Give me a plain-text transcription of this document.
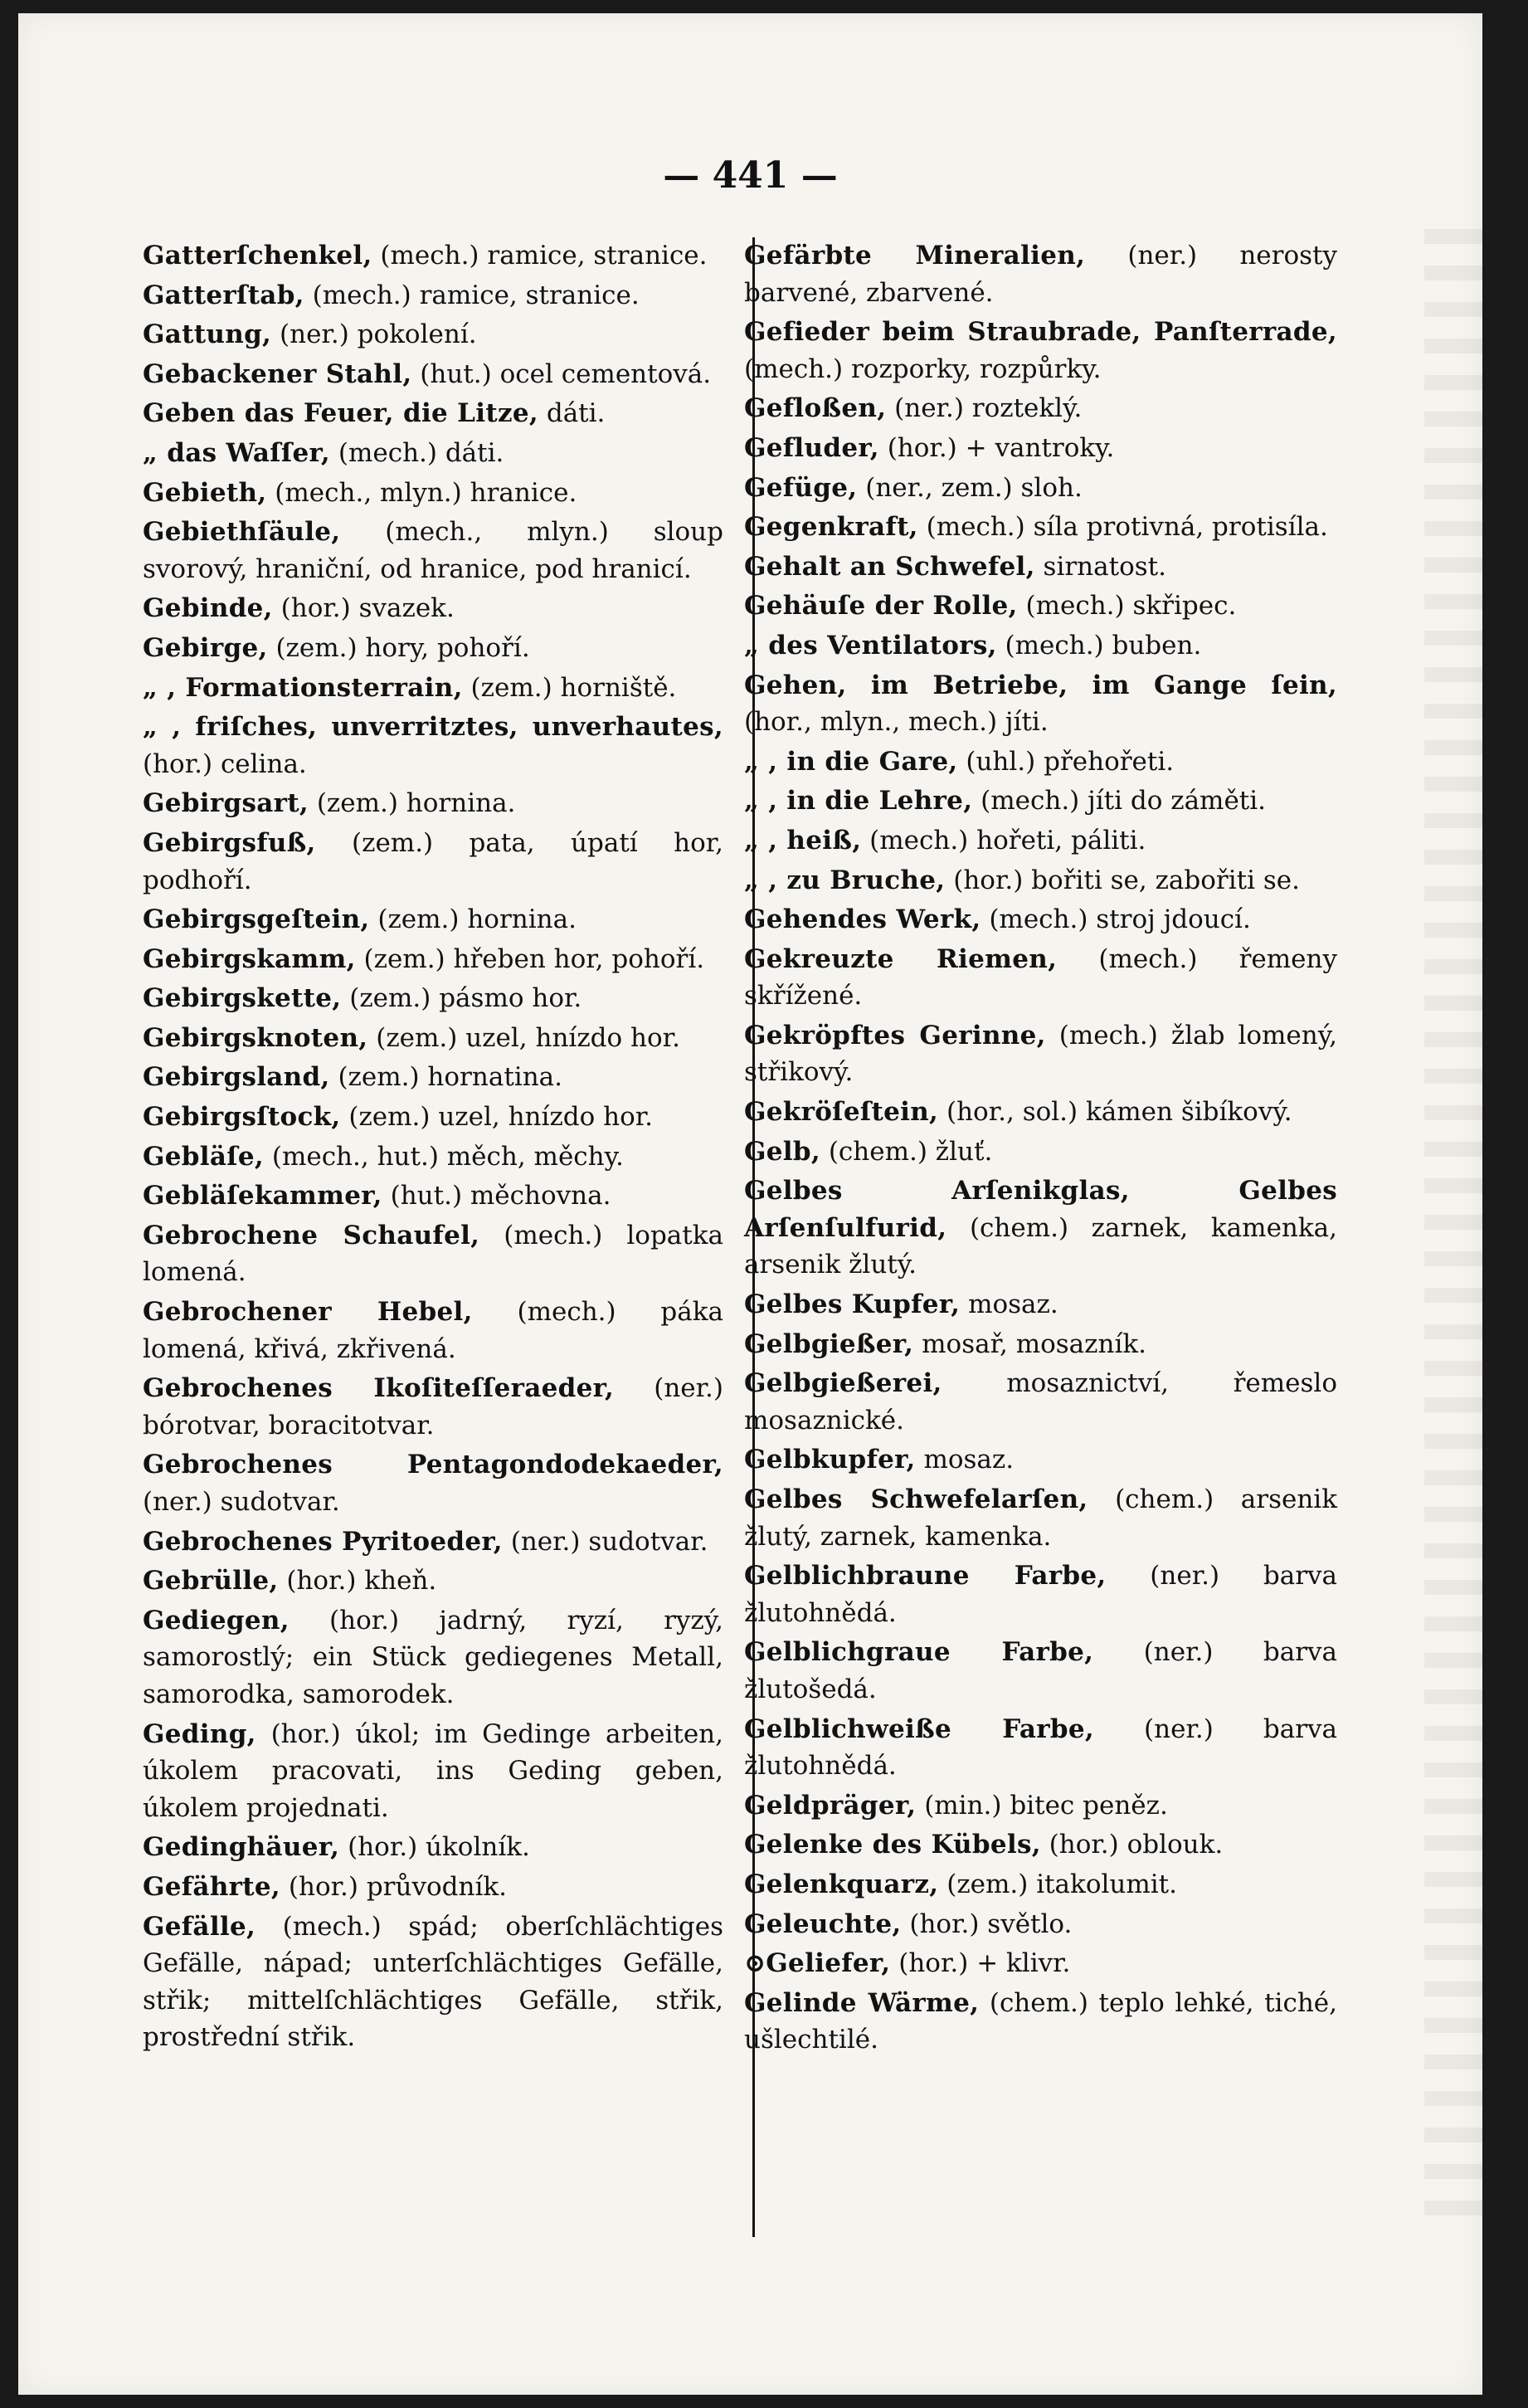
— 441 —

Gatterſchenkel, (mech.) ramice, stranice.

Gatterſtab, (mech.) ramice, stranice.

Gattung, (ner.) pokolení.

Gebackener Stahl, (hut.) ocel cementová.

Geben das Feuer, die Litze, dáti.

„ das Waſſer, (mech.) dáti.

Gebieth, (mech., mlyn.) hranice.

Gebiethſäule, (mech., mlyn.) sloup svorový, hraniční, od hranice, pod hranicí.

Gebinde, (hor.) svazek.

Gebirge, (zem.) hory, pohoří.

„ , Formationsterrain, (zem.) horniště.

„ , friſches, unverritztes, unverhautes, (hor.) celina.

Gebirgsart, (zem.) hornina.

Gebirgsfuß, (zem.) pata, úpatí hor, podhoří.

Gebirgsgeſtein, (zem.) hornina.

Gebirgskamm, (zem.) hřeben hor, pohoří.

Gebirgskette, (zem.) pásmo hor.

Gebirgsknoten, (zem.) uzel, hnízdo hor.

Gebirgsland, (zem.) hornatina.

Gebirgsſtock, (zem.) uzel, hnízdo hor.

Gebläſe, (mech., hut.) měch, měchy.

Gebläſekammer, (hut.) měchovna.

Gebrochene Schaufel, (mech.) lopatka lomená.

Gebrochener Hebel, (mech.) páka lomená, křivá, zkřivená.

Gebrochenes Ikoſiteſſeraeder, (ner.) bórotvar, boracitotvar.

Gebrochenes Pentagondodekaeder, (ner.) sudotvar.

Gebrochenes Pyritoeder, (ner.) sudotvar.

Gebrülle, (hor.) kheň.

Gediegen, (hor.) jadrný, ryzí, ryzý, samorostlý; ein Stück gediegenes Metall, samorodka, samorodek.

Geding, (hor.) úkol; im Gedinge arbeiten, úkolem pracovati, ins Geding geben, úkolem projednati.

Gedinghäuer, (hor.) úkolník.

Gefährte, (hor.) průvodník.

Gefälle, (mech.) spád; oberſchlächtiges Gefälle, nápad; unterſchlächtiges Gefälle, střik; mittelſchlächtiges Gefälle, střik, prostřední střik.

Gefärbte Mineralien, (ner.) nerosty barvené, zbarvené.

Gefieder beim Straubrade, Panſterrade, (mech.) rozporky, rozpůrky.

Gefloßen, (ner.) rozteklý.

Gefluder, (hor.) + vantroky.

Gefüge, (ner., zem.) sloh.

Gegenkraft, (mech.) síla protivná, protisíla.

Gehalt an Schwefel, sirnatost.

Gehäuſe der Rolle, (mech.) skřipec.

„ des Ventilators, (mech.) buben.

Gehen, im Betriebe, im Gange ſein, (hor., mlyn., mech.) jíti.

„ , in die Gare, (uhl.) přehořeti.

„ , in die Lehre, (mech.) jíti do záměti.

„ , heiß, (mech.) hořeti, páliti.

„ , zu Bruche, (hor.) bořiti se, zabořiti se.

Gehendes Werk, (mech.) stroj jdoucí.

Gekreuzte Riemen, (mech.) řemeny skřížené.

Gekröpftes Gerinne, (mech.) žlab lomený, střikový.

Gekröſeſtein, (hor., sol.) kámen šibíkový.

Gelb, (chem.) žluť.

Gelbes Arſenikglas, Gelbes Arſenſulfurid, (chem.) zarnek, kamenka, arsenik žlutý.

Gelbes Kupfer, mosaz.

Gelbgießer, mosař, mosazník.

Gelbgießerei,	mosaznictví, řemeslo mosaznické.

Gelbkupfer, mosaz.

Gelbes Schwefelarſen, (chem.) arsenik žlutý, zarnek, kamenka.

Gelblichbraune Farbe, (ner.) barva žlutohnědá.

Gelblichgraue Farbe, (ner.) barva žlutošedá.

Gelblichweiße Farbe, (ner.) barva žlutohnědá.

Geldpräger, (min.) bitec peněz.

Gelenke des Kübels, (hor.) oblouk.

Gelenkquarz, (zem.) itakolumit.

Geleuchte, (hor.) světlo.

⊙Geliefer, (hor.) + klivr.

Gelinde Wärme, (chem.) teplo lehké, tiché, ušlechtilé.
